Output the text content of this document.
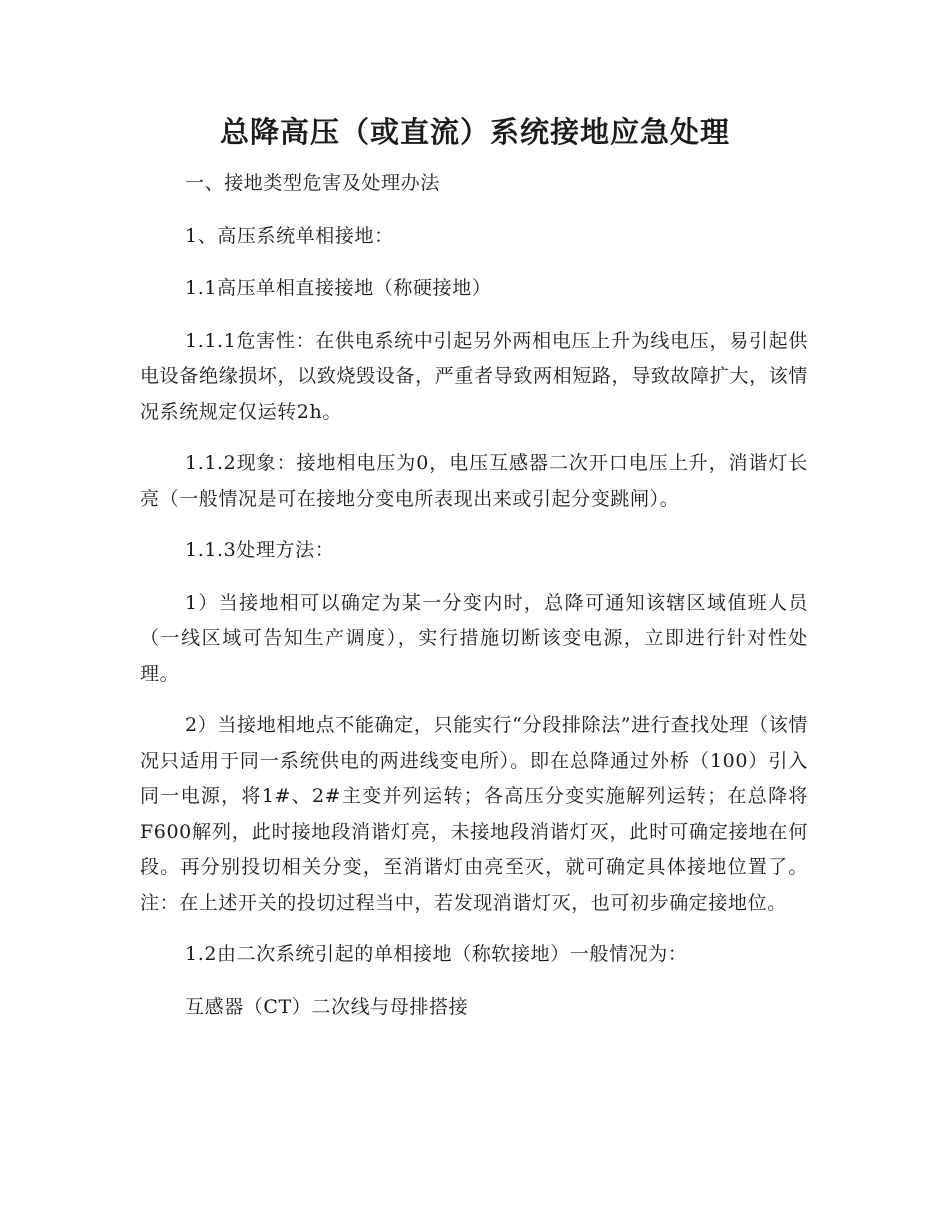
总降高压（或直流）系统接地应急处理

一、接地类型危害及处理办法

1、高压系统单相接地：

1.1高压单相直接接地（称硬接地）

1.1.1危害性：在供电系统中引起另外两相电压上升为线电压，易引起供电设备绝缘损坏，以致烧毁设备，严重者导致两相短路，导致故障扩大，该情况系统规定仅运转2h。

1.1.2现象：接地相电压为0，电压互感器二次开口电压上升，消谐灯长亮（一般情况是可在接地分变电所表现出来或引起分变跳闸）。

1.1.3处理方法：

1）当接地相可以确定为某一分变内时，总降可通知该辖区域值班人员（一线区域可告知生产调度），实行措施切断该变电源，立即进行针对性处理。

2）当接地相地点不能确定，只能实行“分段排除法”进行查找处理（该情况只适用于同一系统供电的两进线变电所）。即在总降通过外桥（100）引入同一电源，将1#、2#主变并列运转；各高压分变实施解列运转；在总降将F600解列，此时接地段消谐灯亮，未接地段消谐灯灭，此时可确定接地在何段。再分别投切相关分变，至消谐灯由亮至灭，就可确定具体接地位置了。注：在上述开关的投切过程当中，若发现消谐灯灭，也可初步确定接地位。

1.2由二次系统引起的单相接地（称软接地）一般情况为：

互感器（CT）二次线与母排搭接
